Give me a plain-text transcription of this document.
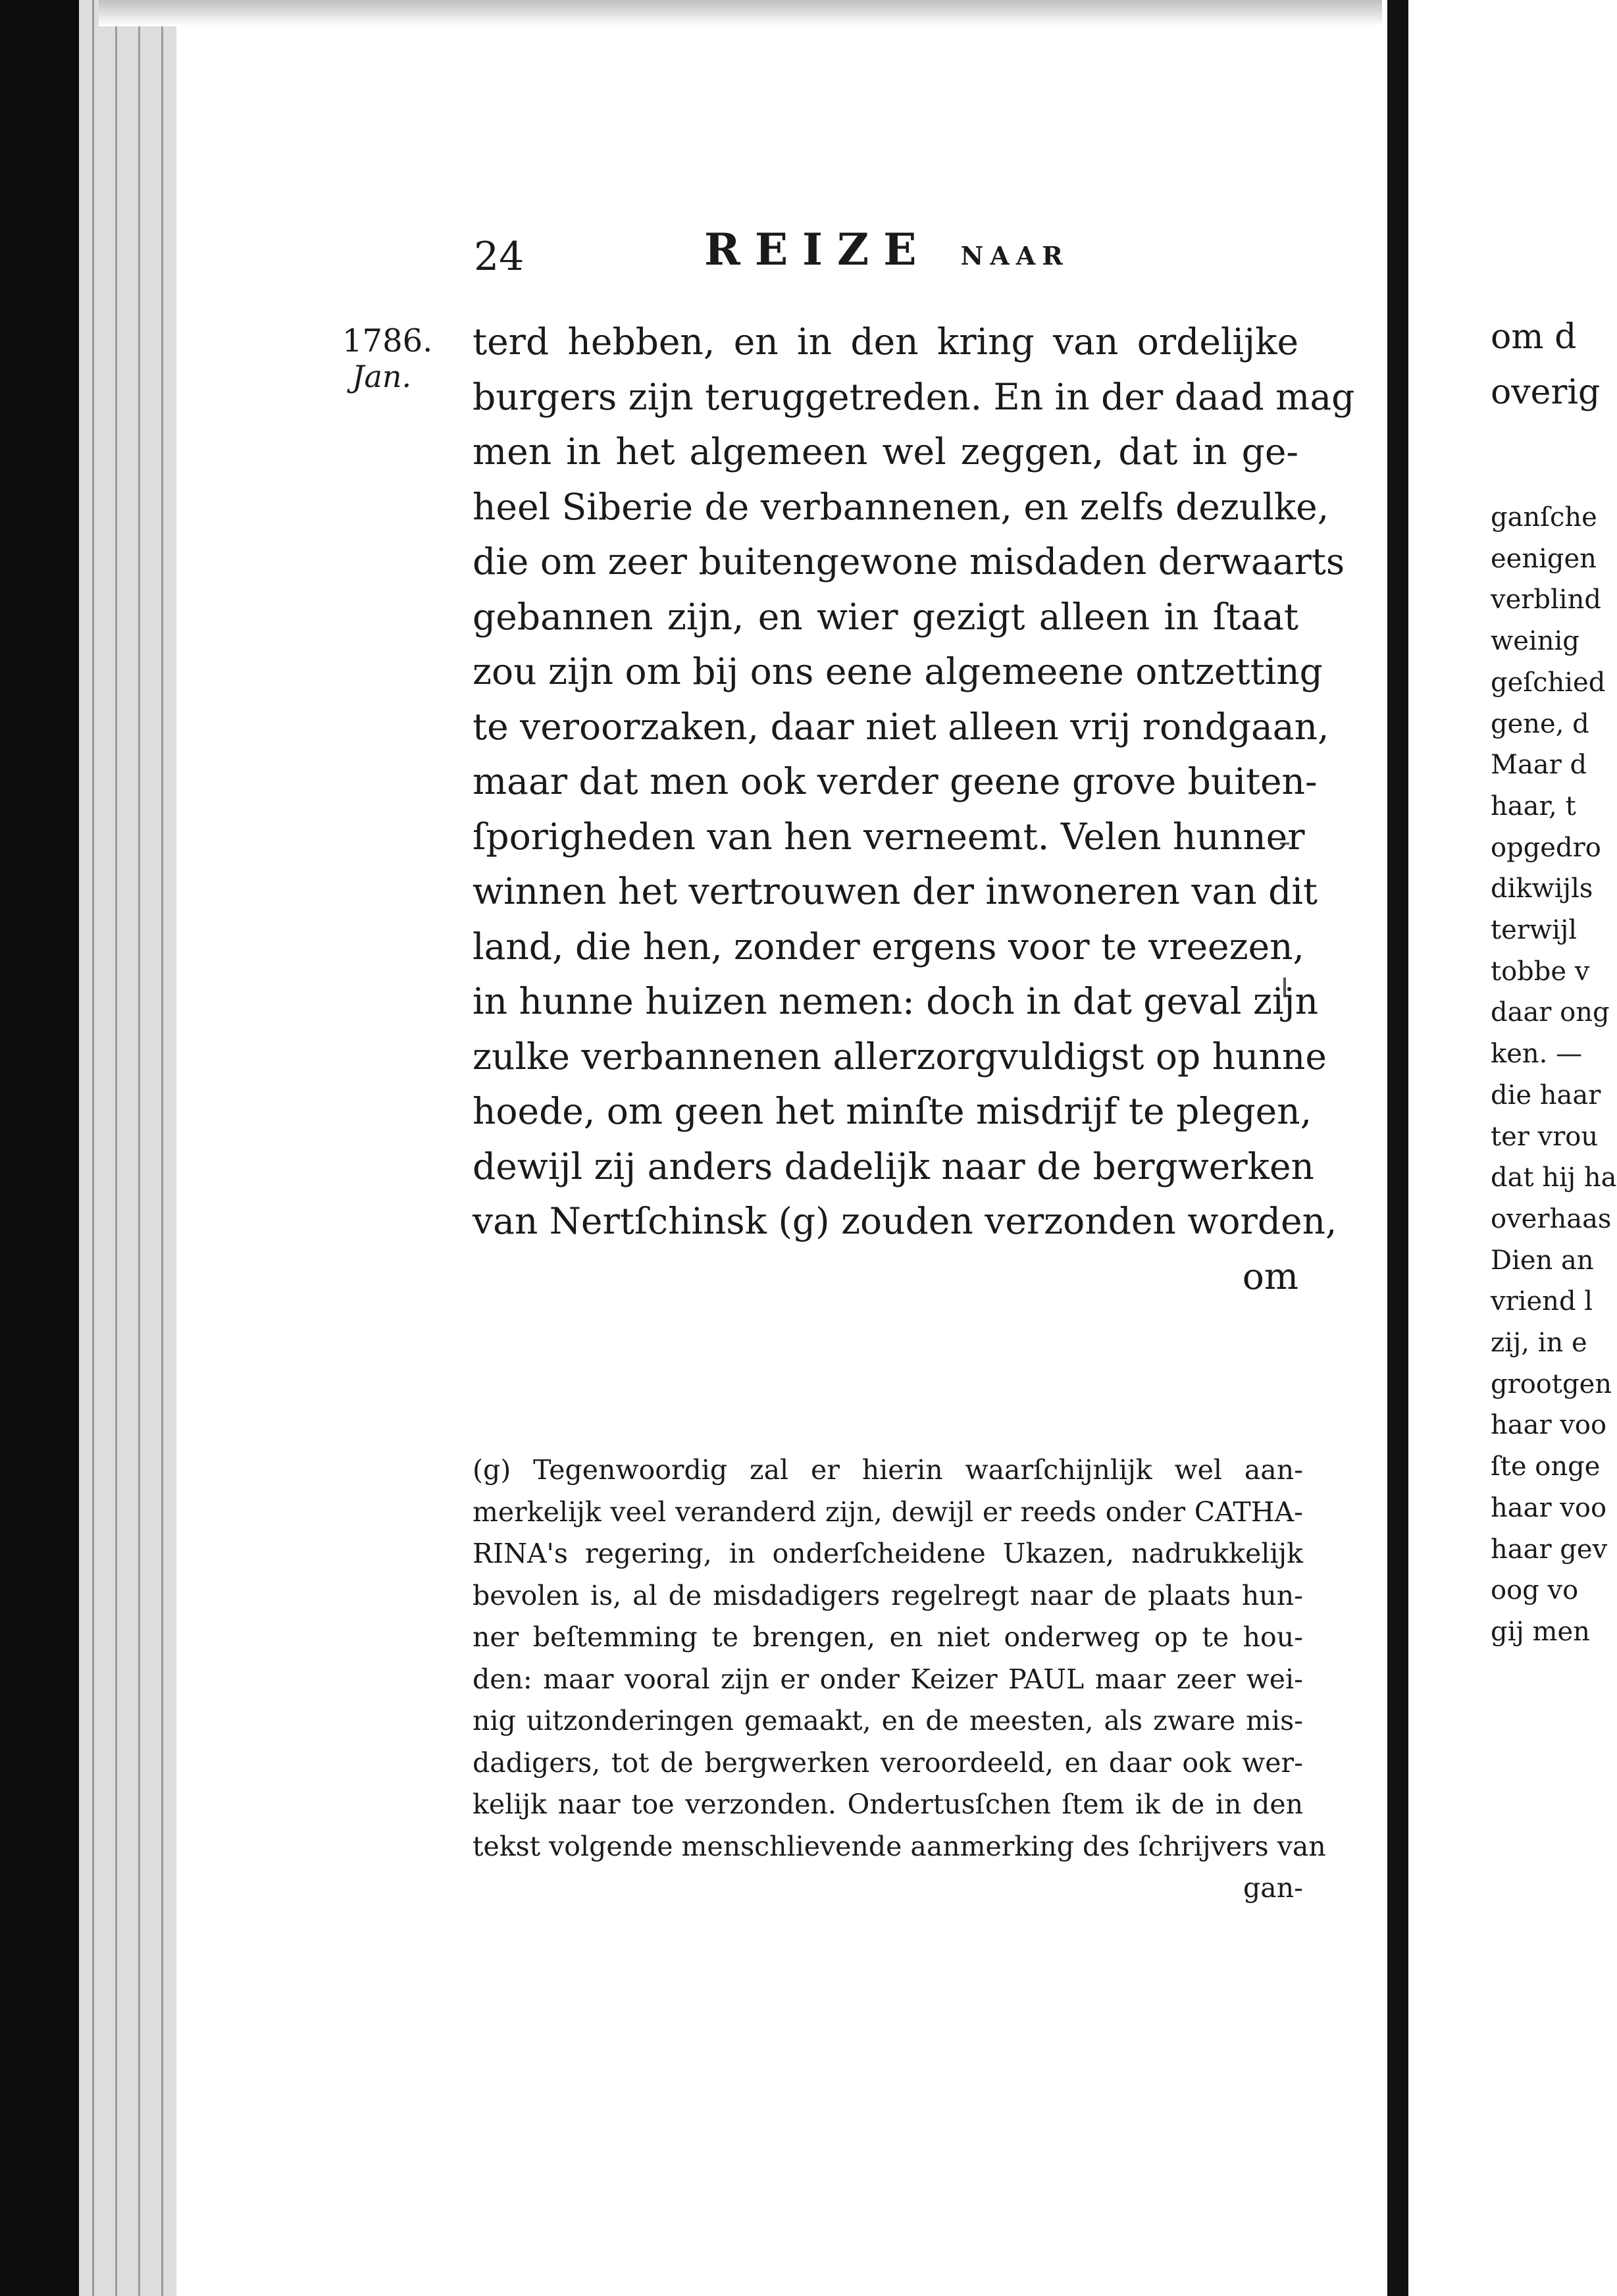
24	REIZE NAAR
1786.
Jan.
terd hebben, en in den kring van ordelijke
burgers zijn teruggetreden. En in der daad mag
men in het algemeen wel zeggen, dat in ge-
heel Siberie de verbannenen, en zelfs dezulke,
die om zeer buitengewone misdaden derwaarts
gebannen zijn, en wier gezigt alleen in ſtaat
zou zijn om bij ons eene algemeene ontzetting
te veroorzaken, daar niet alleen vrij rondgaan,
maar dat men ook verder geene grove buiten-
ſporigheden van hen verneemt. Velen hunner
winnen het vertrouwen der inwoneren van dit
land, die hen, zonder ergens voor te vreezen,
in hunne huizen nemen: doch in dat geval zijn
zulke verbannenen allerzorgvuldigst op hunne
hoede, om geen het minſte misdrijf te plegen,
dewijl zij anders dadelijk naar de bergwerken
van Nertſchinsk (g) zouden verzonden worden,
om
(g) Tegenwoordig zal er hierin waarſchijnlijk wel aan-
merkelijk veel veranderd zijn, dewijl er reeds onder CATHA-
RINA's regering, in onderſcheidene Ukazen, nadrukkelijk
bevolen is, al de misdadigers regelregt naar de plaats hun-
ner beſtemming te brengen, en niet onderweg op te hou-
den: maar vooral zijn er onder Keizer PAUL maar zeer wei-
nig uitzonderingen gemaakt, en de meesten, als zware mis-
dadigers, tot de bergwerken veroordeeld, en daar ook wer-
kelijk naar toe verzonden. Ondertusſchen ſtem ik de in den
tekst volgende menschlievende aanmerking des ſchrijvers van
gan-
om d
overig
ganſche
eenigen
verblind
weinig
geſchied
gene, d
Maar d
haar, t
opgedro
dikwijls
terwijl
tobbe v
daar ong
ken. —
die haar
ter vrou
dat hij ha
overhaas
Dien an
vriend l
zij, in e
grootgen
haar voo
ſte onge
haar voo
haar gev
oog vo
gij men
